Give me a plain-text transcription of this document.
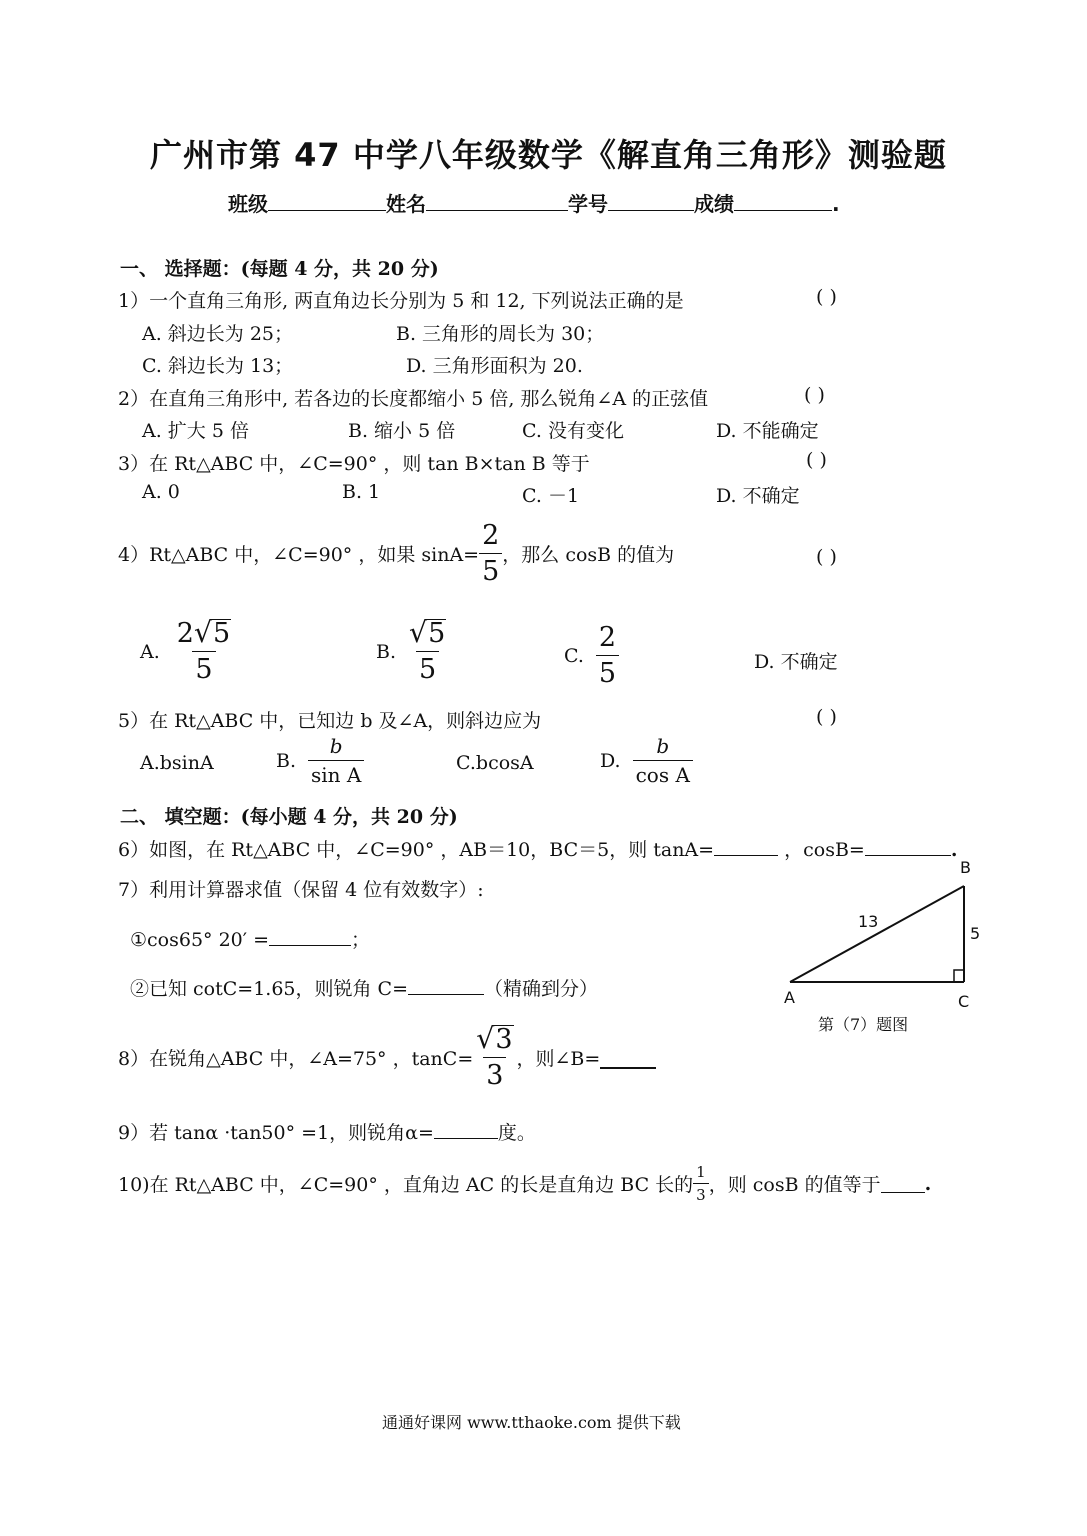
广州市第 47 中学八年级数学《解直角三角形》测验题
班级	姓名	学号	成绩	.
一、 选择题：(每题 4 分，共 20 分)
1）一个直角三角形, 两直角边长分别为 5 和 12, 下列说法正确的是	( )
A. 斜边长为 25；	B. 三角形的周长为 30；
C. 斜边长为 13；	D. 三角形面积为 20.
2）在直角三角形中, 若各边的长度都缩小 5 倍, 那么锐角∠A 的正弦值	( )
A. 扩大 5 倍	B. 缩小 5 倍	C. 没有变化	D. 不能确定
3）在 Rt△ABC 中，∠C=90° ，则 tan B×tan B 等于	( )
A. 0	B. 1	C. －1	D. 不确定
4）Rt△ABC 中，∠C=90° ，如果 $\sin A= \frac{2}{5}$ ，那么 cosB 的值为	( )
A. $\frac{2 √ 5}{5}$	B. $\frac{√ 5}{5}$	C. $\frac{2}{5}$	D. 不确定
5）在 Rt△ABC 中，已知边 b 及∠A，则斜边应为	( )
A.bsinA	B. $\frac{b}{\text{sin A}}$	C.bcosA	D. $\frac{b}{\text{cos A}}$
二、 填空题：(每小题 4 分，共 20 分)
6）如图，在 Rt△ABC 中，∠C=90° ，AB＝10，BC＝5，则 tanA=	，cosB=	.
7）利用计算器求值（保留 4 位有效数字）:
①cos65° 20′ =	；
②已知 cotC=1.65，则锐角 C=	（精确到分）
B
A	C
13
5
第（7）题图
8）在锐角△ABC 中，∠A=75° ，$\tan C= \frac{√ 3}{3}$ ，则∠B=
9）若 tanα ·tan50° =1，则锐角α=	度。
10)在 Rt△ABC 中，∠C=90° ，直角边 AC 的长是直角边 BC 长的 $\frac{1}{3}$ ，则 cosB 的值等于 .
通通好课网 www.tthaoke.com 提供下载
